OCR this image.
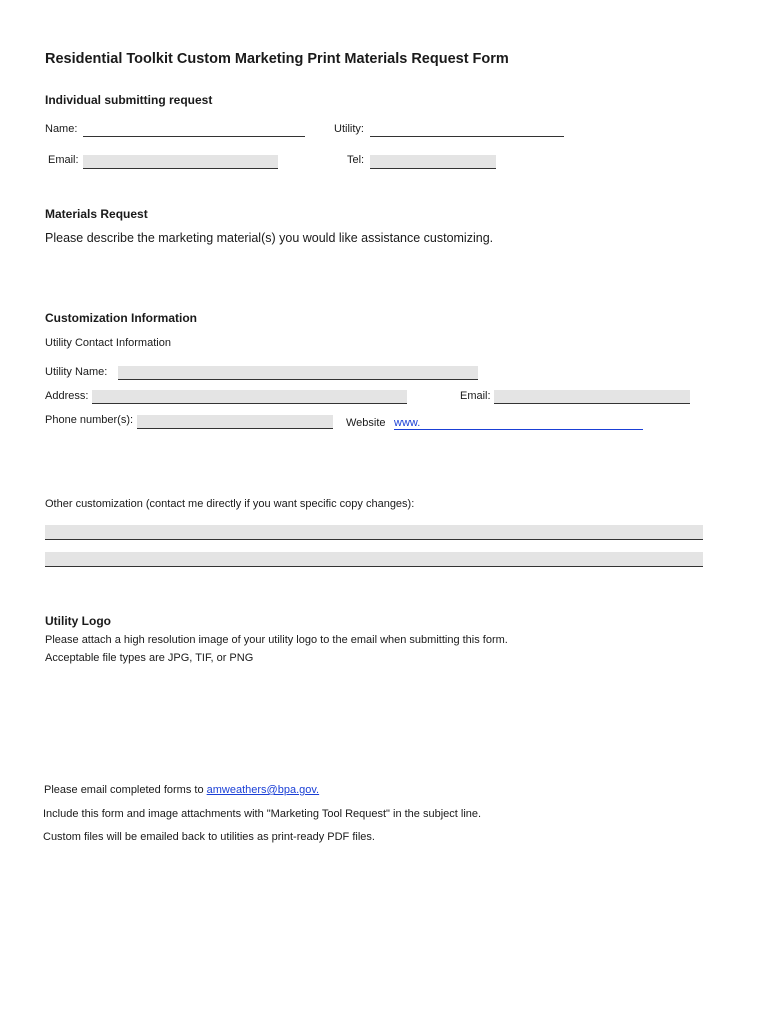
Residential Toolkit Custom Marketing Print Materials Request Form
Individual submitting request
Name:	Utility:
Email:	Tel:
Materials Request
Please describe the marketing material(s) you would like assistance customizing.
Customization Information
Utility Contact Information
Utility Name:
Address:	Email:
Phone number(s):	Website www.
Other customization (contact me directly if you want specific copy changes):
Utility Logo
Please attach a high resolution image of your utility logo to the email when submitting this form.
Acceptable file types are JPG, TIF, or PNG
Please email completed forms to amweathers@bpa.gov.
Include this form and image attachments with "Marketing Tool Request" in the subject line.
Custom files will be emailed back to utilities as print-ready PDF files.
